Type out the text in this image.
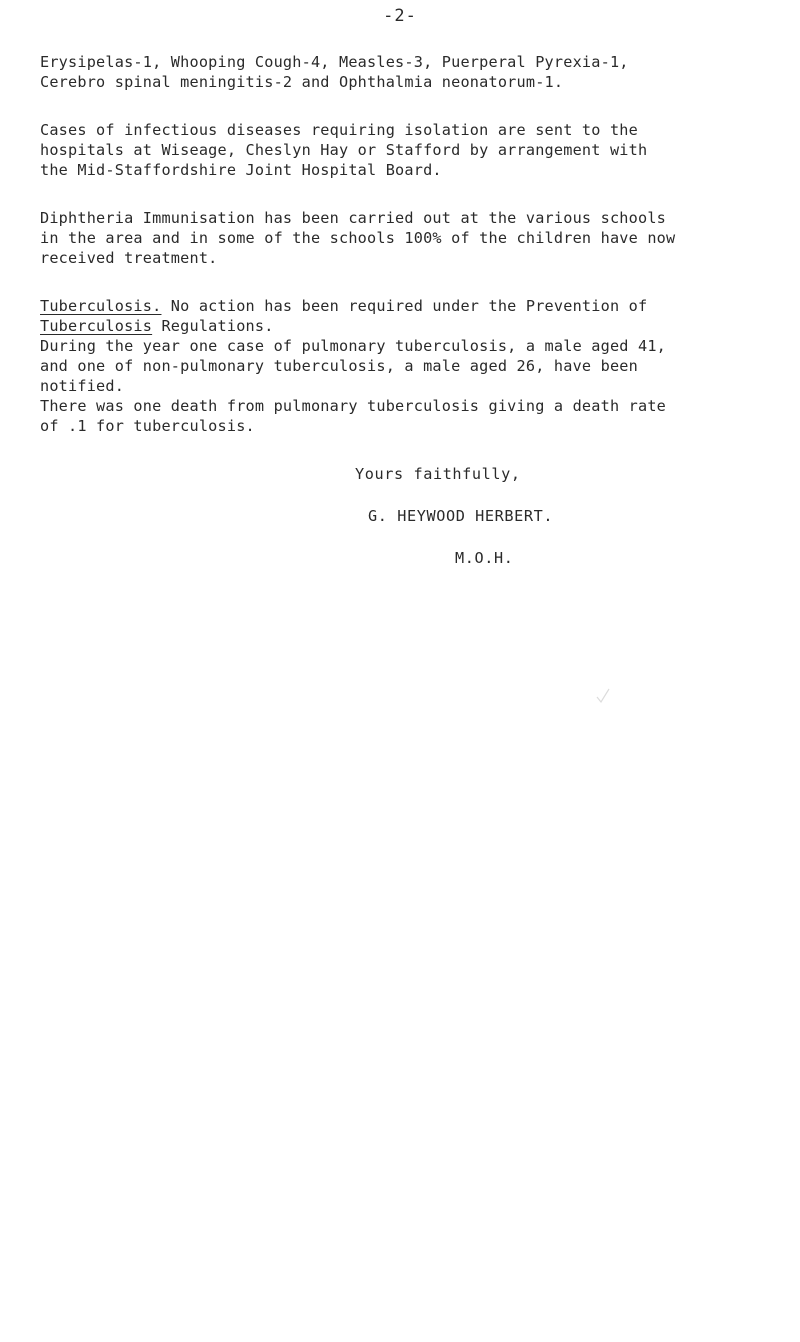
-2-
Erysipelas-1, Whooping Cough-4, Measles-3, Puerperal Pyrexia-1,
Cerebro spinal meningitis-2 and Ophthalmia neonatorum-1.
Cases of infectious diseases requiring isolation are sent to the
hospitals at Wiseage, Cheslyn Hay or Stafford by arrangement with
the Mid-Staffordshire Joint Hospital Board.
Diphtheria Immunisation has been carried out at the various schools
in the area and in some of the schools 100% of the children have now
received treatment.
Tuberculosis. No action has been required under the Prevention of
Tuberculosis Regulations.
During the year one case of pulmonary tuberculosis, a male aged 41,
and one of non-pulmonary tuberculosis, a male aged 26, have been
notified.
There was one death from pulmonary tuberculosis giving a death rate
of .1 for tuberculosis.
Yours faithfully,
G. HEYWOOD HERBERT.
M.O.H.
